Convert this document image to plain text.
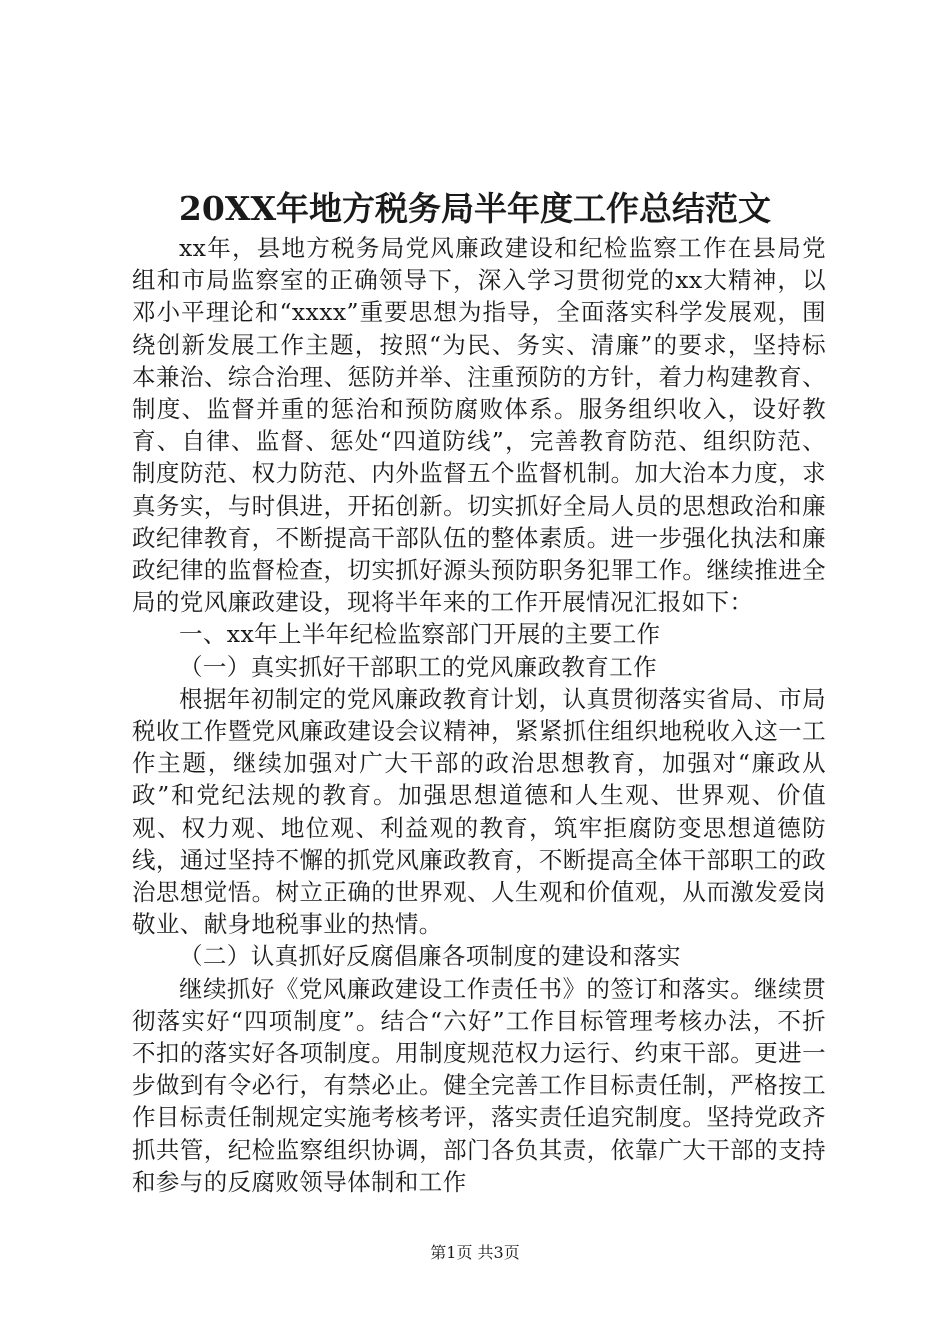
20XX年地方税务局半年度工作总结范文

xx年，县地方税务局党风廉政建设和纪检监察工作在县局党组和市局监察室的正确领导下，深入学习贯彻党的xx大精神，以邓小平理论和“xxxx”重要思想为指导，全面落实科学发展观，围绕创新发展工作主题，按照“为民、务实、清廉”的要求，坚持标本兼治、综合治理、惩防并举、注重预防的方针，着力构建教育、制度、监督并重的惩治和预防腐败体系。服务组织收入，设好教育、自律、监督、惩处“四道防线”，完善教育防范、组织防范、制度防范、权力防范、内外监督五个监督机制。加大治本力度，求真务实，与时俱进，开拓创新。切实抓好全局人员的思想政治和廉政纪律教育，不断提高干部队伍的整体素质。进一步强化执法和廉政纪律的监督检查，切实抓好源头预防职务犯罪工作。继续推进全局的党风廉政建设，现将半年来的工作开展情况汇报如下：

一、xx年上半年纪检监察部门开展的主要工作

（一）真实抓好干部职工的党风廉政教育工作

根据年初制定的党风廉政教育计划，认真贯彻落实省局、市局税收工作暨党风廉政建设会议精神，紧紧抓住组织地税收入这一工作主题，继续加强对广大干部的政治思想教育，加强对“廉政从政”和党纪法规的教育。加强思想道德和人生观、世界观、价值观、权力观、地位观、利益观的教育，筑牢拒腐防变思想道德防线，通过坚持不懈的抓党风廉政教育，不断提高全体干部职工的政治思想觉悟。树立正确的世界观、人生观和价值观，从而激发爱岗敬业、献身地税事业的热情。

（二）认真抓好反腐倡廉各项制度的建设和落实

继续抓好《党风廉政建设工作责任书》的签订和落实。继续贯彻落实好“四项制度”。结合“六好”工作目标管理考核办法，不折不扣的落实好各项制度。用制度规范权力运行、约束干部。更进一步做到有令必行，有禁必止。健全完善工作目标责任制，严格按工作目标责任制规定实施考核考评，落实责任追究制度。坚持党政齐抓共管，纪检监察组织协调，部门各负其责，依靠广大干部的支持和参与的反腐败领导体制和工作

第1页 共3页
